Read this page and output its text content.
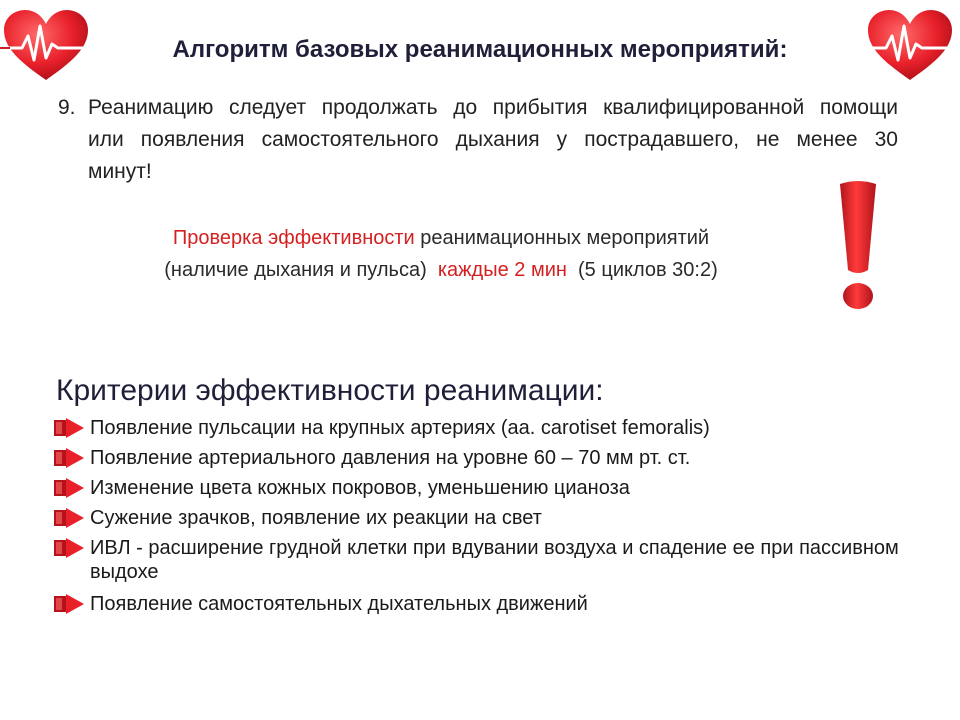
Алгоритм базовых реанимационных мероприятий:
9. Реанимацию следует продолжать до прибытия квалифицированной помощи
или появления самостоятельного дыхания у пострадавшего, не менее 30
минут!
Проверка эффективности реанимационных мероприятий
(наличие дыхания и пульса)  каждые 2 мин  (5 циклов 30:2)
Критерии эффективности реанимации:
Появление пульсации на крупных артериях (аа. carotiset femoralis)
Появление артериального давления на уровне 60 – 70 мм рт. ст.
Изменение цвета кожных покровов, уменьшению цианоза
Сужение зрачков, появление их реакции на свет
ИВЛ - расширение грудной клетки при вдувании воздуха и спадение ее при пассивном выдохе
Появление самостоятельных дыхательных движений
